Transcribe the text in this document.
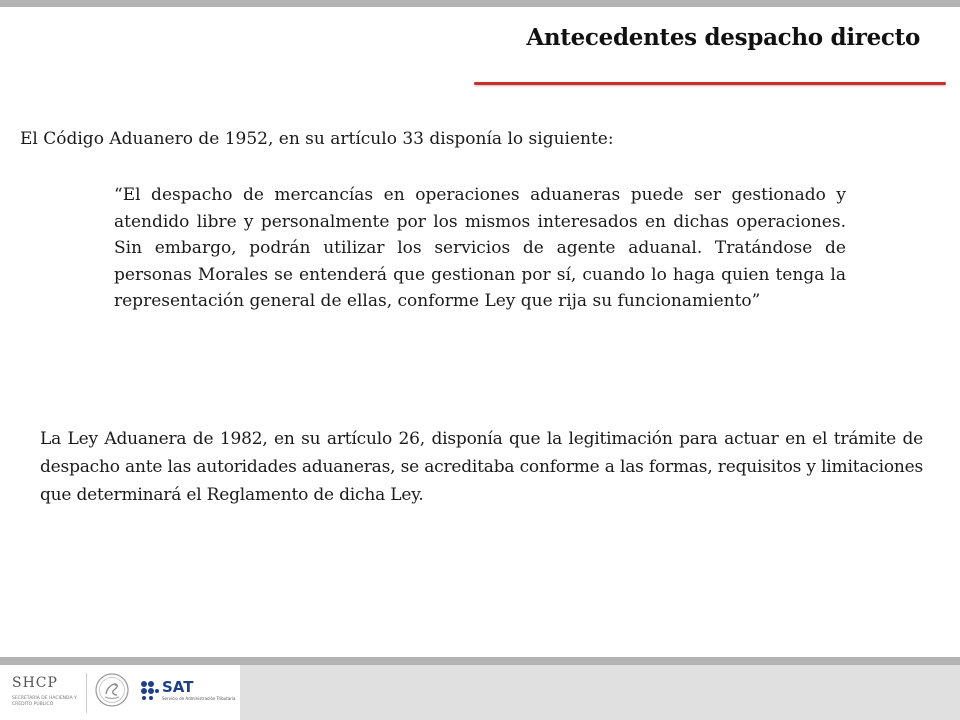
Antecedentes despacho directo
El Código Aduanero de 1952, en su artículo 33 disponía lo siguiente:
“El despacho de mercancías en operaciones aduaneras puede ser gestionado y atendido libre y personalmente por los mismos interesados en dichas operaciones. Sin embargo, podrán utilizar los servicios de agente aduanal. Tratándose de personas Morales se entenderá que gestionan por sí, cuando lo haga quien tenga la representación general de ellas, conforme Ley que rija su funcionamiento”
La Ley Aduanera de 1982, en su artículo 26, disponía que la legitimación para actuar en el trámite de despacho ante las autoridades aduaneras, se acreditaba conforme a las formas, requisitos y limitaciones que determinará el Reglamento de dicha Ley.
SHCP
SECRETARÍA DE HACIENDA Y CRÉDITO PÚBLICO
SAT
Servicio de Administración Tributaria
